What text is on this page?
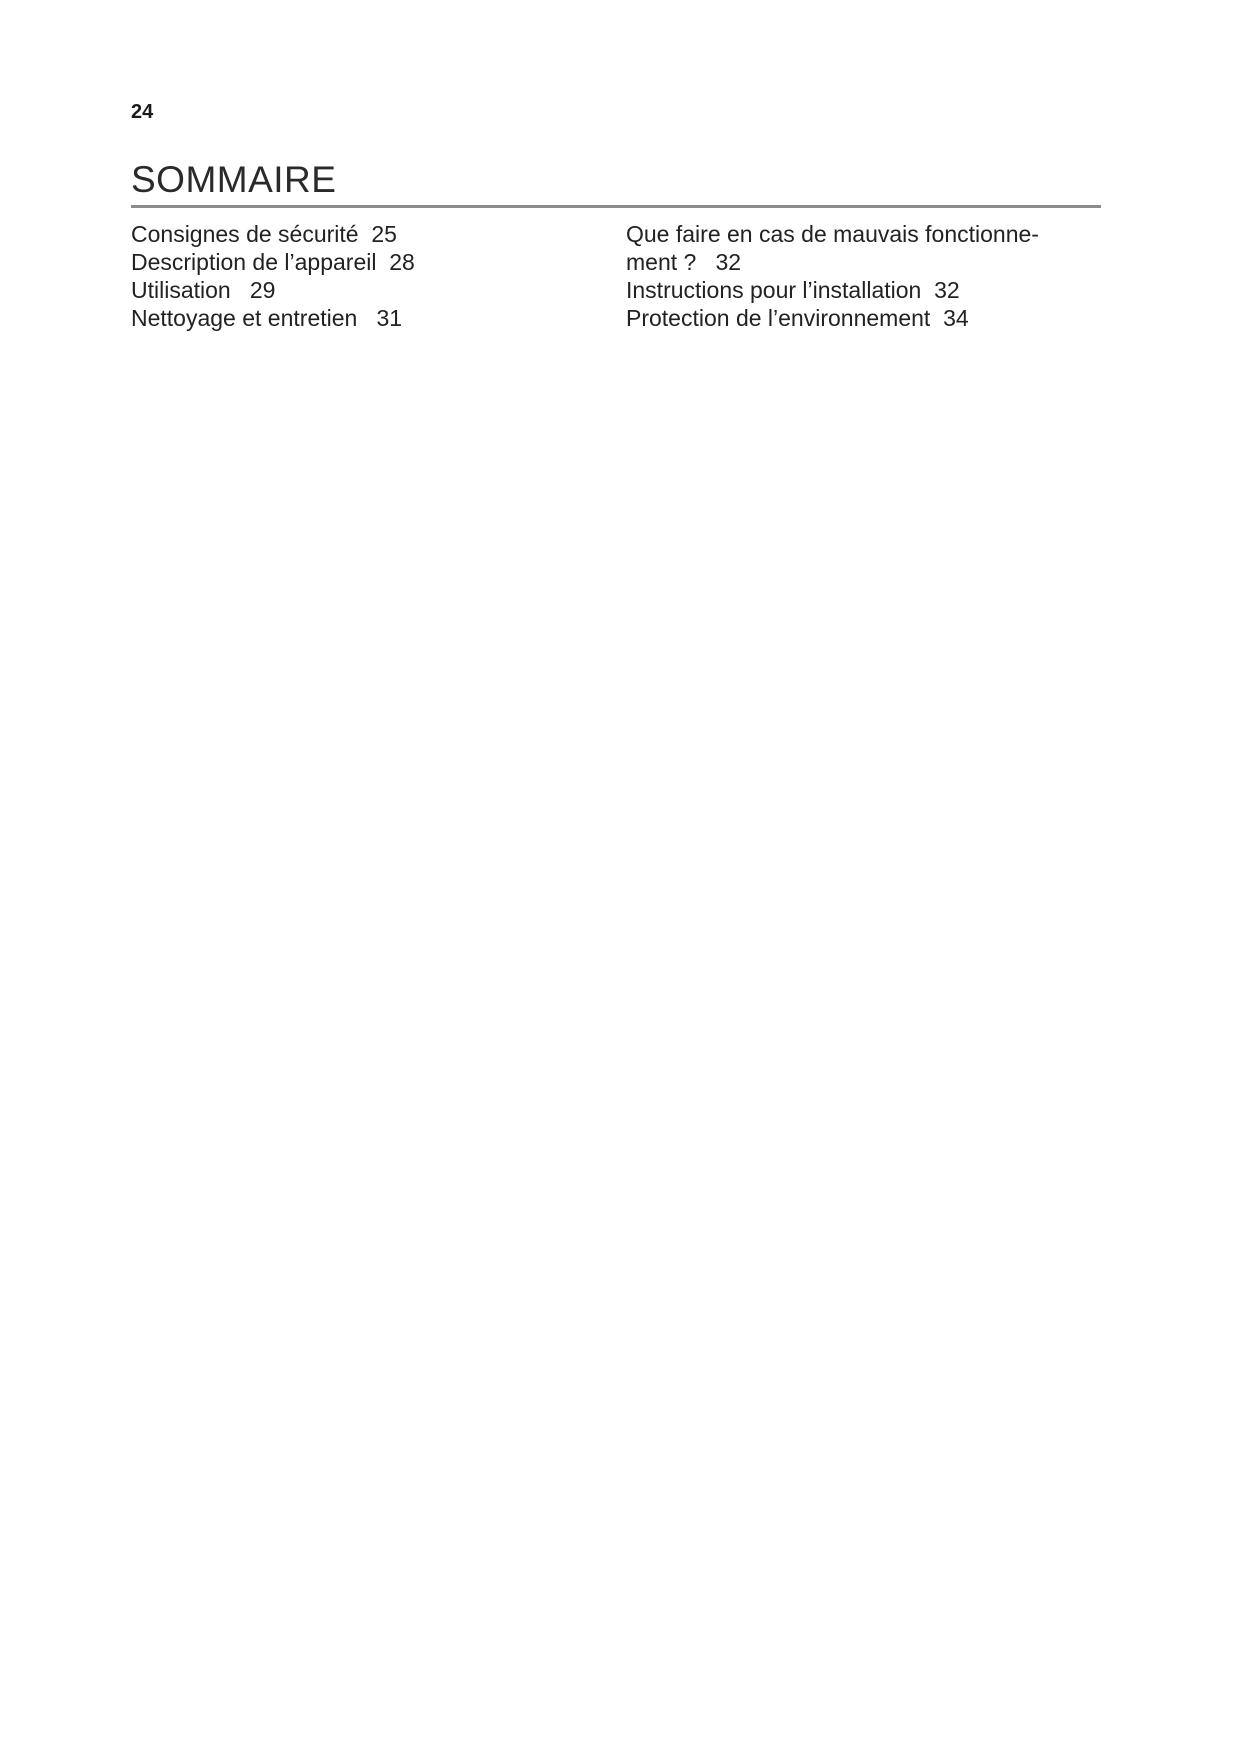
24
SOMMAIRE
Consignes de sécurité  25
Description de l’appareil  28
Utilisation   29
Nettoyage et entretien   31
Que faire en cas de mauvais fonctionne-
ment ?   32
Instructions pour l’installation  32
Protection de l’environnement  34
